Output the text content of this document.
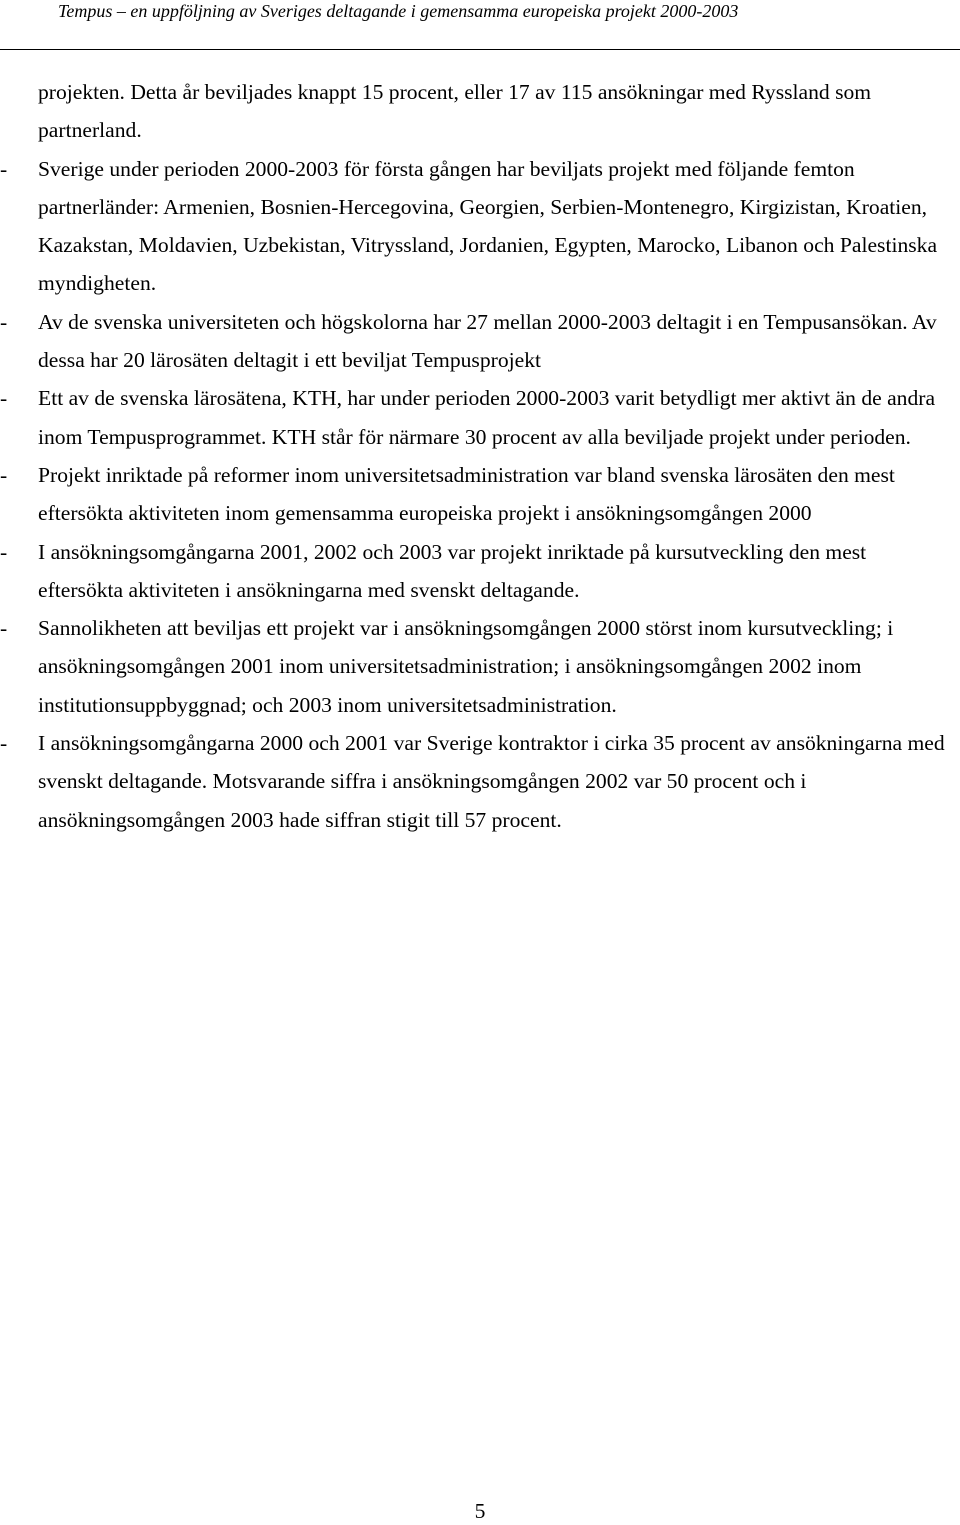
Tempus – en uppföljning av Sveriges deltagande i gemensamma europeiska projekt 2000-2003

projekten. Detta år beviljades knappt 15 procent, eller 17 av 115 ansökningar med Ryssland som partnerland.

-	Sverige under perioden 2000-2003 för första gången har beviljats projekt med följande femton partnerländer: Armenien, Bosnien-Hercegovina, Georgien, Serbien-Montenegro, Kirgizistan, Kroatien, Kazakstan, Moldavien, Uzbekistan, Vitryssland, Jordanien, Egypten, Marocko, Libanon och Palestinska myndigheten.
-	Av de svenska universiteten och högskolorna har 27 mellan 2000-2003 deltagit i en Tempusansökan. Av dessa har 20 lärosäten deltagit i ett beviljat Tempusprojekt
-	Ett av de svenska lärosätena, KTH, har under perioden 2000-2003 varit betydligt mer aktivt än de andra inom Tempusprogrammet. KTH står för närmare 30 procent av alla beviljade projekt under perioden.
-	Projekt inriktade på reformer inom universitetsadministration var bland svenska lärosäten den mest eftersökta aktiviteten inom gemensamma europeiska projekt i ansökningsomgången 2000
-	I ansökningsomgångarna 2001, 2002 och 2003 var projekt inriktade på kursutveckling den mest eftersökta aktiviteten i ansökningarna med svenskt deltagande.
-	Sannolikheten att beviljas ett projekt var i ansökningsomgången 2000 störst inom kursutveckling; i ansökningsomgången 2001 inom universitetsadministration; i ansökningsomgången 2002 inom institutionsuppbyggnad; och 2003 inom universitetsadministration.
-	I ansökningsomgångarna 2000 och 2001 var Sverige kontraktor i cirka 35 procent av ansökningarna med svenskt deltagande. Motsvarande siffra i ansökningsomgången 2002 var 50 procent och i ansökningsomgången 2003 hade siffran stigit till 57 procent.
5
